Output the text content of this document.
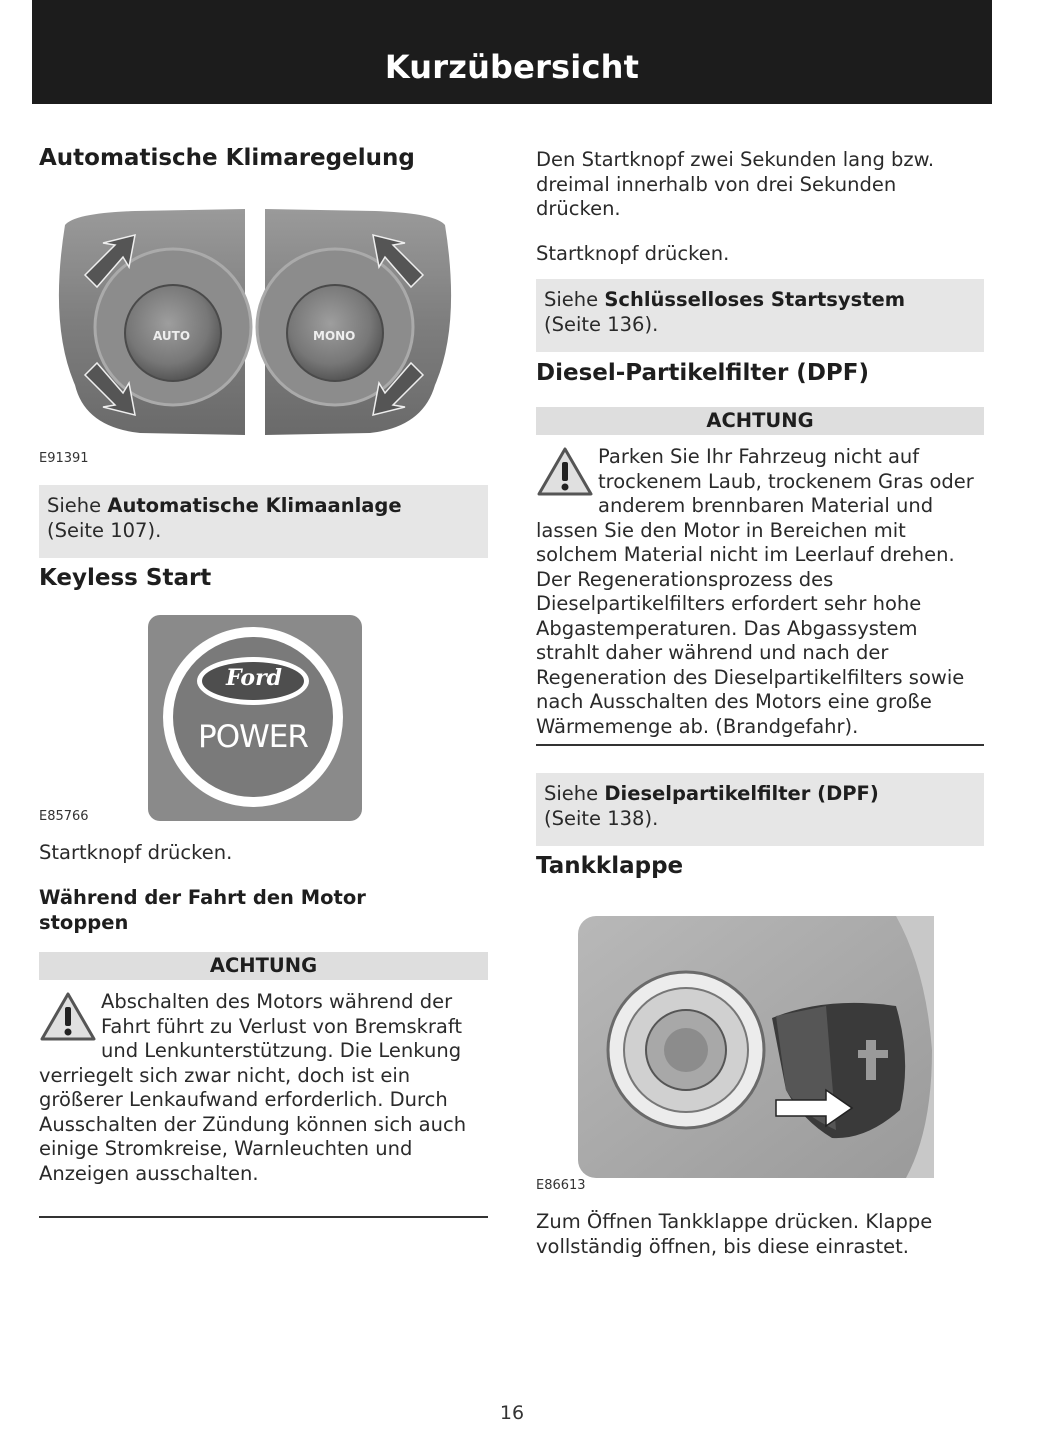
Kurzübersicht
Automatische Klimaregelung
AUTO	MONO
E91391
Siehe Automatische Klimaanlage
(Seite 107).
Keyless Start
Ford
POWER
E85766

Startknopf drücken.

Während der Fahrt den Motor stoppen
ACHTUNG
Abschalten des Motors während der Fahrt führt zu Verlust von Bremskraft und Lenkunterstützung. Die Lenkung verriegelt sich zwar nicht, doch ist ein größerer Lenkaufwand erforderlich. Durch Ausschalten der Zündung können sich auch einige Stromkreise, Warnleuchten und Anzeigen ausschalten.

Den Startknopf zwei Sekunden lang bzw. dreimal innerhalb von drei Sekunden drücken.

Startknopf drücken.

Siehe Schlüsselloses Startsystem
(Seite 136).
Diesel-Partikelfilter (DPF)
ACHTUNG
Parken Sie Ihr Fahrzeug nicht auf trockenem Laub, trockenem Gras oder anderem brennbaren Material und lassen Sie den Motor in Bereichen mit solchem Material nicht im Leerlauf drehen. Der Regenerationsprozess des Dieselpartikelfilters erfordert sehr hohe Abgastemperaturen. Das Abgassystem strahlt daher während und nach der Regeneration des Dieselpartikelfilters sowie nach Ausschalten des Motors eine große Wärmemenge ab. (Brandgefahr).
Siehe Dieselpartikelfilter (DPF)
(Seite 138).
Tankklappe
E86613

Zum Öffnen Tankklappe drücken. Klappe vollständig öffnen, bis diese einrastet.

16
